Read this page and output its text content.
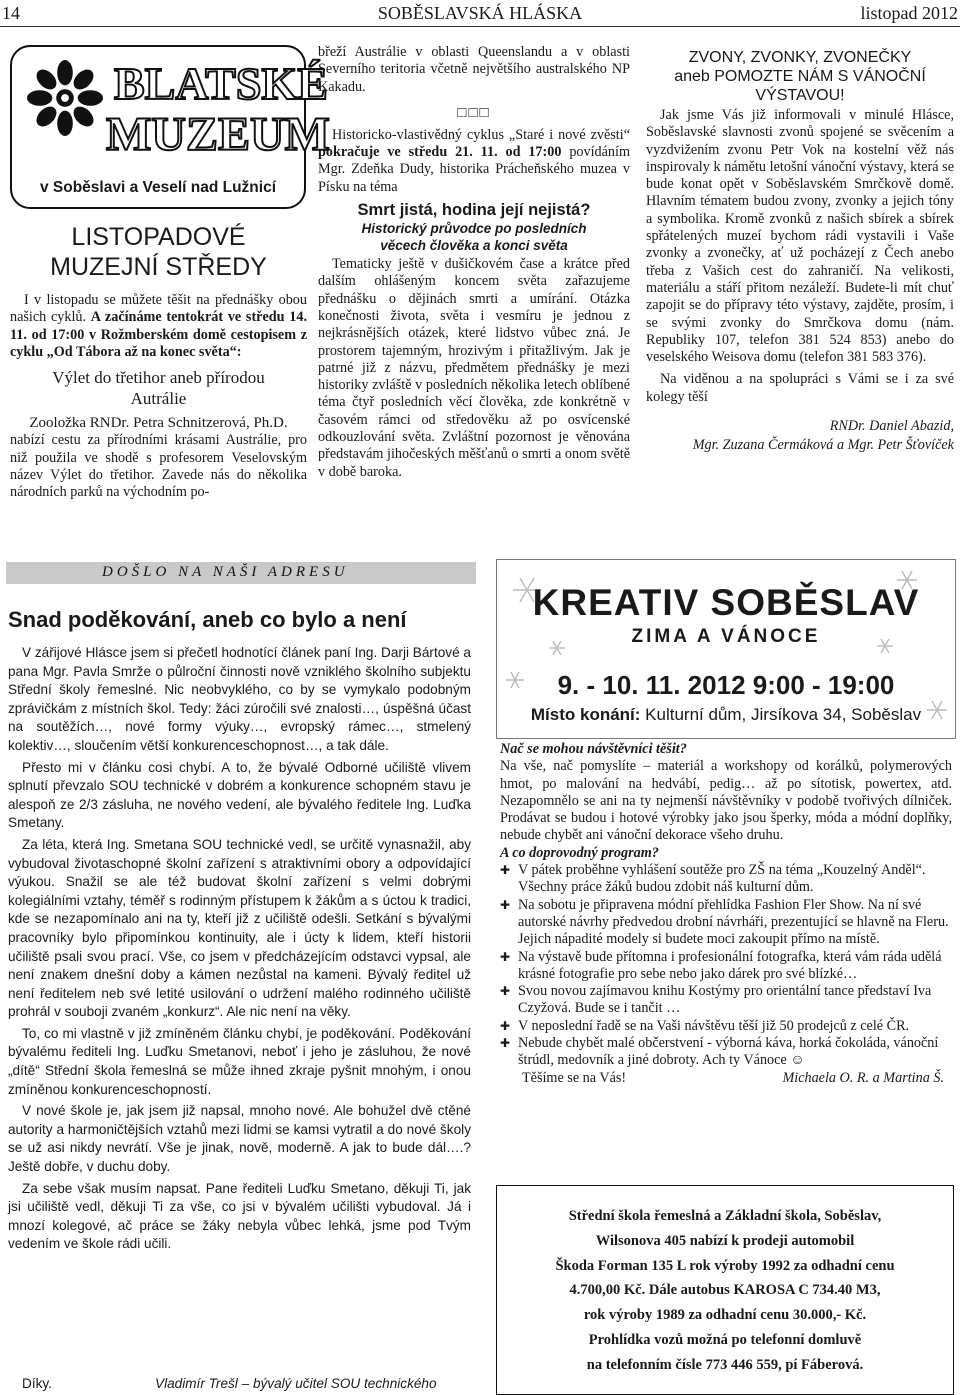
14	SOBĚSLAVSKÁ HLÁSKA	listopad 2012
BLATSKÉ
MUZEUM
v Soběslavi a Veselí nad Lužnicí
LISTOPADOVÉ
MUZEJNÍ STŘEDY

I v listopadu se můžete těšit na přednášky obou našich cyklů. A začínáme tentokrát ve středu 14. 11. od 17:00 v Rožmberském domě cestopisem z cyklu „Od Tábora až na konec světa“:

Výlet do třetihor aneb přírodou
Autrálie

Zooložka RNDr. Petra Schnitzerová, Ph.D.

nabízí cestu za přírodními krásami Austrálie, pro niž použila ve shodě s profesorem Veselovským název Výlet do třetihor. Zavede nás do několika národních parků na východním po-

břeží Austrálie v oblasti Queenslandu a v oblasti Severního teritoria včetně největšího australského NP Kakadu.

□□□

Historicko-vlastivědný cyklus „Staré i nové zvěsti“ pokračuje ve středu 21. 11. od 17:00 povídáním Mgr. Zdeňka Dudy, historika Prácheňského muzea v Písku na téma

Smrt jistá, hodina její nejistá?
Historický průvodce po posledních věcech člověka a konci světa

Tematicky ještě v dušičkovém čase a krátce před dalším ohlášeným koncem světa zařazujeme přednášku o dějinách smrti a umírání. Otázka konečnosti života, světa i vesmíru je jednou z nejkrásnějších otázek, které lidstvo vůbec zná. Je prostorem tajemným, hrozivým i přitažlivým. Jak je patrné již z názvu, předmětem přednášky je mezi historiky zvláště v posledních několika letech oblíbené téma čtyř posledních věcí člověka, zde konkrétně v časovém rámci od středověku až po osvícenské odkouzlování světa. Zvláštní pozornost je věnována představám jihočeských měšťanů o smrti a onom světě v době baroka.

ZVONY, ZVONKY, ZVONEČKY
aneb POMOZTE NÁM S VÁNOČNÍ
VÝSTAVOU!

Jak jsme Vás již informovali v minulé Hlásce, Soběslavské slavnosti zvonů spojené se svěcením a vyzdvižením zvonu Petr Vok na kostelní věž nás inspirovaly k námětu letošní vánoční výstavy, která se bude konat opět v Soběslavském Smrčkově domě. Hlavním tématem budou zvony, zvonky a jejich tóny a symbolika. Kromě zvonků z našich sbírek a sbírek spřátelených muzeí bychom rádi vystavili i Vaše zvonky a zvonečky, ať už pocházejí z Čech anebo třeba z Vašich cest do zahraničí. Na velikosti, materiálu a stáří přitom nezáleží. Budete-li mít chuť zapojit se do přípravy této výstavy, zajděte, prosím, i se svými zvonky do Smrčkova domu (nám. Republiky 107, telefon 381 524 853) anebo do veselského Weisova domu (telefon 381 583 376).

Na viděnou a na spolupráci s Vámi se i za své kolegy těší

RNDr. Daniel Abazid,

Mgr. Zuzana Čermáková a Mgr. Petr Šťovíček

DOŠLO NA NAŠI ADRESU
Snad poděkování, aneb co bylo a není

V zářijové Hlásce jsem si přečetl hodnotící článek paní Ing. Darji Bártové a pana Mgr. Pavla Smrže o půlroční činnosti nově vzniklého školního subjektu Střední školy řemeslné. Nic neobvyklého, co by se vymykalo podobným zprávičkám z místních škol. Tedy: žáci zúročili své znalosti…, úspěšná účast na soutěžích…, nové formy výuky…, evropský rámec…, stmelený kolektiv…, sloučením větší konkurenceschopnost…, a tak dále.

Přesto mi v článku cosi chybí. A to, že bývalé Odborné učiliště vlivem splnutí převzalo SOU technické v dobrém a konkurence schopném stavu je alespoň ze 2/3 zásluha, ne nového vedení, ale bývalého ředitele Ing. Luďka Smetany.

Za léta, která Ing. Smetana SOU technické vedl, se určitě vynasnažil, aby vybudoval životaschopné školní zařízení s atraktivními obory a odpovídající výukou. Snažil se ale též budovat školní zařízení s velmi dobrými kolegiálními vztahy, téměř s rodinným přístupem k žákům a s úctou k tradici, kde se nezapomínalo ani na ty, kteří již z učiliště odešli. Setkání s bývalými pracovníky bylo připomínkou kontinuity, ale i úcty k lidem, kteří historii učiliště psali svou prací. Vše, co jsem v předcházejícím odstavci vypsal, ale není znakem dnešní doby a kámen nezůstal na kameni. Bývalý ředitel už není ředitelem neb své letité usilování o udržení malého rodinného učiliště prohrál v souboji zvaném „konkurz“. Ale nic není na věky.

To, co mi vlastně v již zmíněném článku chybí, je poděkování. Poděkování bývalému řediteli Ing. Luďku Smetanovi, neboť i jeho je zásluhou, že nové „dítě“ Střední škola řemeslná se může ihned zkraje pyšnit mnohým, i onou zmíněnou konkurenceschopností.

V nové škole je, jak jsem již napsal, mnoho nové. Ale bohužel dvě ctěné autority a harmoničtějších vztahů mezi lidmi se kamsi vytratil a do nové školy se už asi nikdy nevrátí. Vše je jinak, nově, moderně. A jak to bude dál….? Ještě dobře, v duchu doby.

Za sebe však musím napsat. Pane řediteli Luďku Smetano, děkuji Ti, jak jsi učiliště vedl, děkuji Ti za vše, co jsi v bývalém učilišti vybudoval. Já i mnozí kolegové, ač práce se žáky nebyla vůbec lehká, jsme pod Tvým vedením ve škole rádi učili.

Díky.	Vladimír Trešl – bývalý učitel SOU technického
KREATIV SOBĚSLAV
ZIMA A VÁNOCE
9. - 10. 11. 2012 9:00 - 19:00
Místo konání: Kulturní dům, Jirsíkova 34, Soběslav

Nač se mohou návštěvníci těšit?

Na vše, nač pomyslíte – materiál a workshopy od korálků, polymerových hmot, po malování na hedvábí, pedig… až po sítotisk, powertex, atd. Nezapomnělo se ani na ty nejmenší návštěvníky v podobě tvořivých dílniček. Prodávat se budou i hotové výrobky jako jsou šperky, móda a módní doplňky, nebude chybět ani vánoční dekorace všeho druhu.

A co doprovodný program?

✚ V pátek proběhne vyhlášení soutěže pro ZŠ na téma „Kouzelný Anděl“. Všechny práce žáků budou zdobit náš kulturní dům.

✚ Na sobotu je připravena módní přehlídka Fashion Fler Show. Na ní své autorské návrhy předvedou drobní návrháři, prezentující se hlavně na Fleru. Jejich nápadité modely si budete moci zakoupit přímo na místě.

✚ Na výstavě bude přítomna i profesionální fotografka, která vám ráda udělá krásné fotografie pro sebe nebo jako dárek pro své blízké…

✚ Svou novou zajímavou knihu Kostýmy pro orientální tance představí Iva Czyžová. Bude se i tančit …

✚ V neposlední řadě se na Vaši návštěvu těší již 50 prodejců z celé ČR.

✚ Nebude chybět malé občerstvení - výborná káva, horká čokoláda, vánoční štrúdl, medovník a jiné dobroty. Ach ty Vánoce ☺

Těšíme se na Vás!	Michaela O. R. a Martina Š.

Střední škola řemeslná a Základní škola, Soběslav,

Wilsonova 405 nabízí k prodeji automobil

Škoda Forman 135 L rok výroby 1992 za odhadní cenu

4.700,00 Kč. Dále autobus KAROSA C 734.40 M3,

rok výroby 1989 za odhadní cenu 30.000,- Kč.

Prohlídka vozů možná po telefonní domluvě

na telefonním čísle 773 446 559, pí Fáberová.
